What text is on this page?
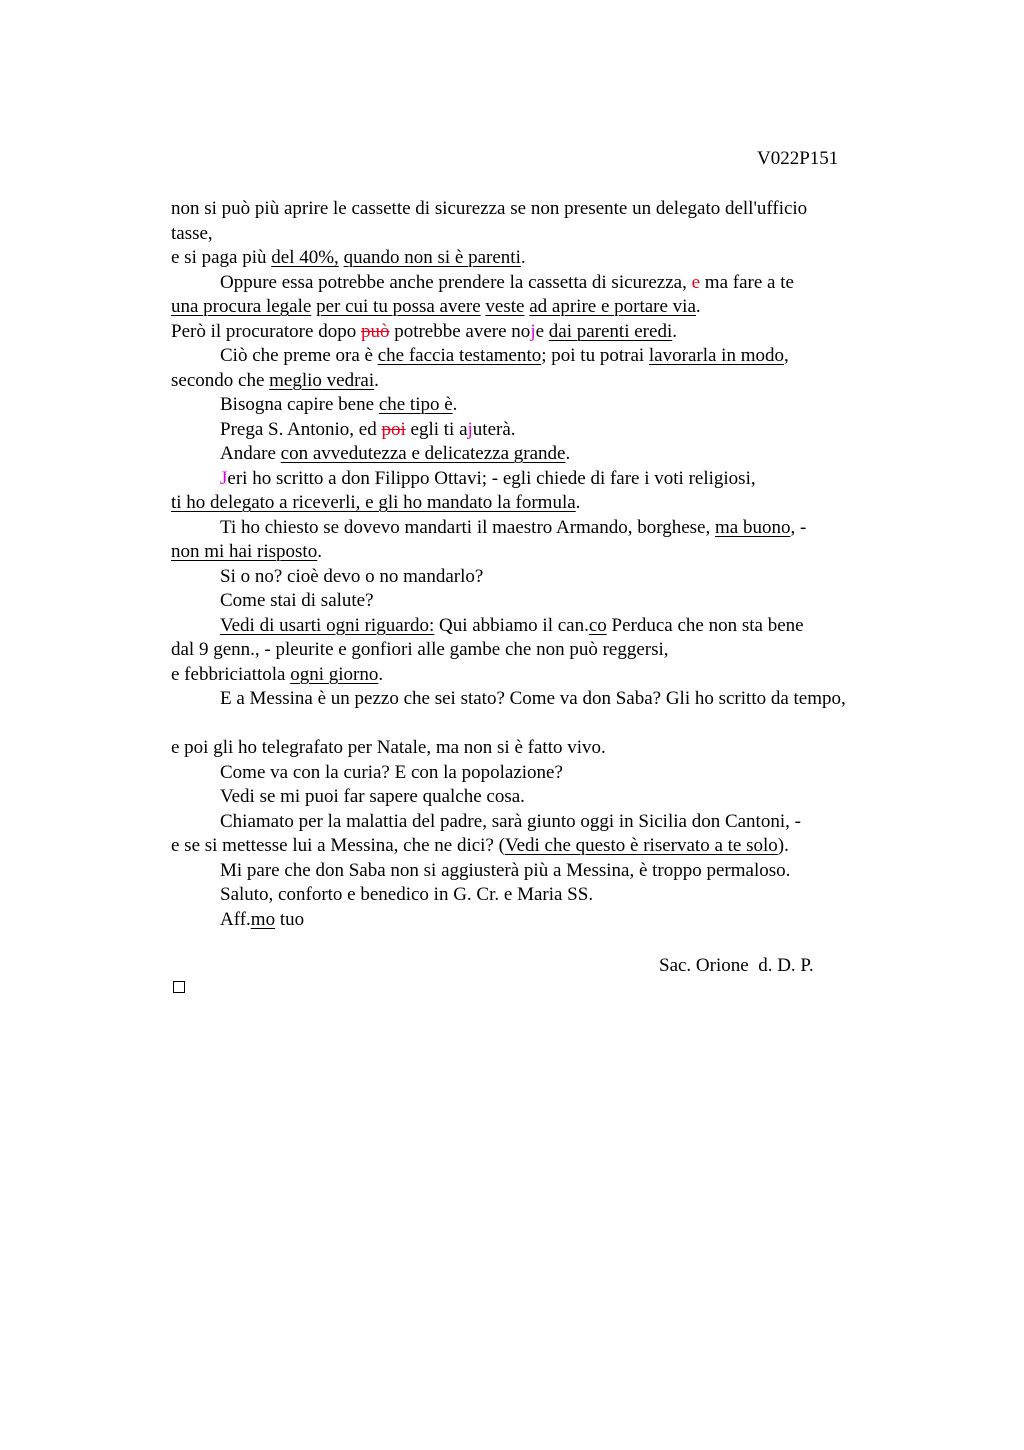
V022P151
non si può più aprire le cassette di sicurezza se non presente un delegato dell'ufficio
tasse,
e si paga più del 40%, quando non si è parenti.
Oppure essa potrebbe anche prendere la cassetta di sicurezza, e ma fare a te
una procura legale per cui tu possa avere veste ad aprire e portare via.
Però il procuratore dopo può potrebbe avere noje dai parenti eredi.
Ciò che preme ora è che faccia testamento; poi tu potrai lavorarla in modo,
secondo che meglio vedrai.
Bisogna capire bene che tipo è.
Prega S. Antonio, ed poi egli ti ajuterà.
Andare con avvedutezza e delicatezza grande.
Jeri ho scritto a don Filippo Ottavi; - egli chiede di fare i voti religiosi,
ti ho delegato a riceverli, e gli ho mandato la formula.
Ti ho chiesto se dovevo mandarti il maestro Armando, borghese, ma buono, -
non mi hai risposto.
Si o no? cioè devo o no mandarlo?
Come stai di salute?
Vedi di usarti ogni riguardo: Qui abbiamo il can.co Perduca che non sta bene
dal 9 genn., - pleurite e gonfiori alle gambe che non può reggersi,
e febbriciattola ogni giorno.
E a Messina è un pezzo che sei stato? Come va don Saba? Gli ho scritto da tempo,
e poi gli ho telegrafato per Natale, ma non si è fatto vivo.
Come va con la curia? E con la popolazione?
Vedi se mi puoi far sapere qualche cosa.
Chiamato per la malattia del padre, sarà giunto oggi in Sicilia don Cantoni, -
e se si mettesse lui a Messina, che ne dici? (Vedi che questo è riservato a te solo).
Mi pare che don Saba non si aggiusterà più a Messina, è troppo permaloso.
Saluto, conforto e benedico in G. Cr. e Maria SS.
Aff.mo tuo
Sac. Orione  d. D. P.
